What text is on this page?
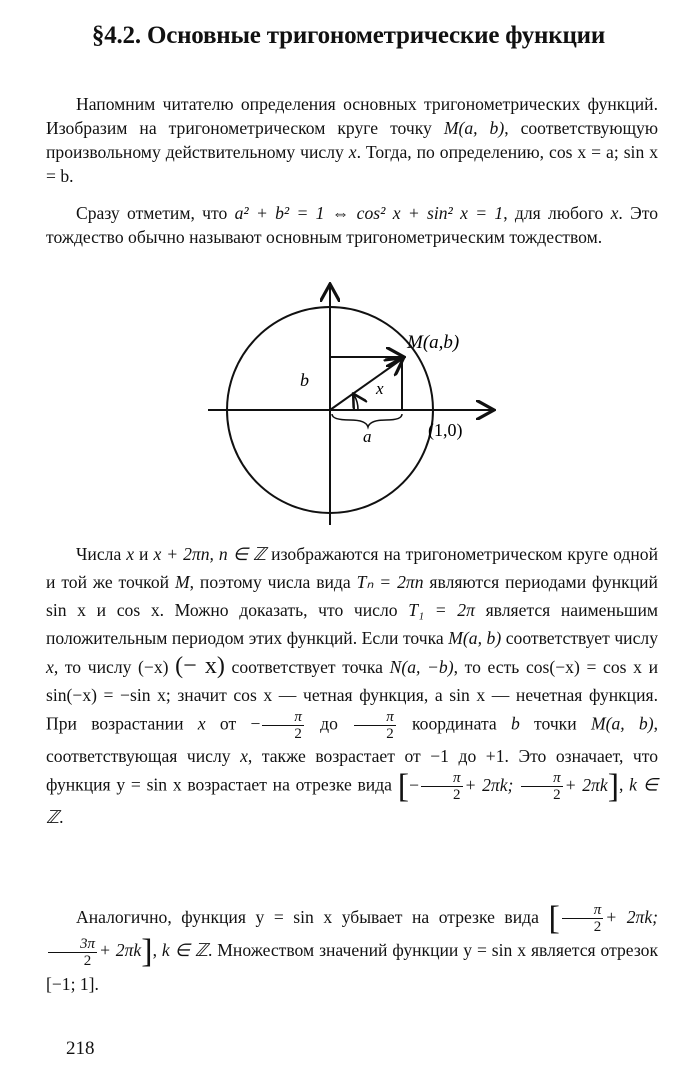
§4.2. Основные тригонометрические функции

Напомним читателю определения основных тригонометрических функций. Изобразим на тригонометрическом круге точку M(a, b), соответствующую произвольному действительному числу x. Тогда, по определению, cos x = a; sin x = b.

Сразу отметим, что a² + b² = 1 ⇔ cos² x + sin² x = 1, для любого x. Это тождество обычно называют основным тригонометрическим тождеством.

M(a,b)
b	x
a	(1,0)

Числа x и x + 2πn, n ∈ ℤ изображаются на тригонометрическом круге одной и той же точкой M, поэтому числа вида Tₙ = 2πn являются периодами функций sin x и cos x. Можно доказать, что число T₁ = 2π является наименьшим положительным периодом этих функций. Если точка M(a, b) соответствует числу x, то числу (−x) (− x) соответствует точка N(a, −b), то есть cos(−x) = cos x и sin(−x) = −sin x; значит cos x — четная функция, а sin x — нечетная функция. При возрастании x от − $\frac{\pi}{2}$ до $\frac{\pi}{2}$ координата b точки M(a, b), соответствующая числу x, также возрастает от −1 до +1. Это означает, что функция y = sin x возрастает на отрезке вида [− $\frac{\pi}{2} + 2\pi k$; $\frac{\pi}{2} + 2\pi k$], k ∈ ℤ.

Аналогично, функция y = sin x убывает на отрезке вида [ $\frac{\pi}{2} + 2\pi k$;
$\frac{3\pi}{2} + 2\pi k$], k ∈ ℤ. Множеством значений функции y = sin x является отрезок [−1; 1].

218
